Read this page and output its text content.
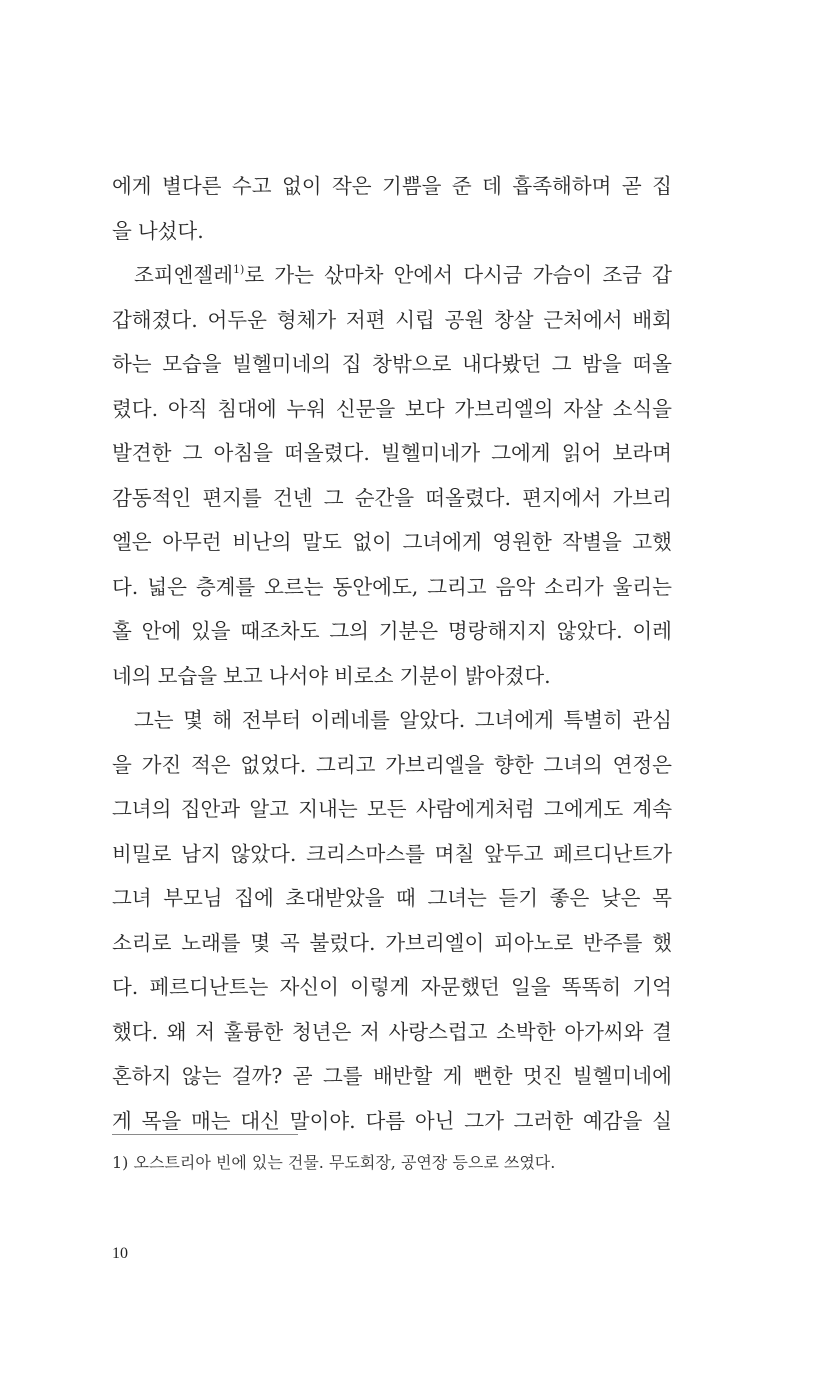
에게 별다른 수고 없이 작은 기쁨을 준 데 흡족해하며 곧 집
을 나섰다.
조피엔젤레$^{1)}$로 가는 삯마차 안에서 다시금 가슴이 조금 갑
갑해졌다. 어두운 형체가 저편 시립 공원 창살 근처에서 배회
하는 모습을 빌헬미네의 집 창밖으로 내다봤던 그 밤을 떠올
렸다. 아직 침대에 누워 신문을 보다 가브리엘의 자살 소식을
발견한 그 아침을 떠올렸다. 빌헬미네가 그에게 읽어 보라며
감동적인 편지를 건넨 그 순간을 떠올렸다. 편지에서 가브리
엘은 아무런 비난의 말도 없이 그녀에게 영원한 작별을 고했
다. 넓은 층계를 오르는 동안에도, 그리고 음악 소리가 울리는
홀 안에 있을 때조차도 그의 기분은 명랑해지지 않았다. 이레
네의 모습을 보고 나서야 비로소 기분이 밝아졌다.
그는 몇 해 전부터 이레네를 알았다. 그녀에게 특별히 관심
을 가진 적은 없었다. 그리고 가브리엘을 향한 그녀의 연정은
그녀의 집안과 알고 지내는 모든 사람에게처럼 그에게도 계속
비밀로 남지 않았다. 크리스마스를 며칠 앞두고 페르디난트가
그녀 부모님 집에 초대받았을 때 그녀는 듣기 좋은 낮은 목
소리로 노래를 몇 곡 불렀다. 가브리엘이 피아노로 반주를 했
다. 페르디난트는 자신이 이렇게 자문했던 일을 똑똑히 기억
했다. 왜 저 훌륭한 청년은 저 사랑스럽고 소박한 아가씨와 결
혼하지 않는 걸까? 곧 그를 배반할 게 뻔한 멋진 빌헬미네에
게 목을 매는 대신 말이야. 다름 아닌 그가 그러한 예감을 실
1) 오스트리아 빈에 있는 건물. 무도회장, 공연장 등으로 쓰였다.
10
